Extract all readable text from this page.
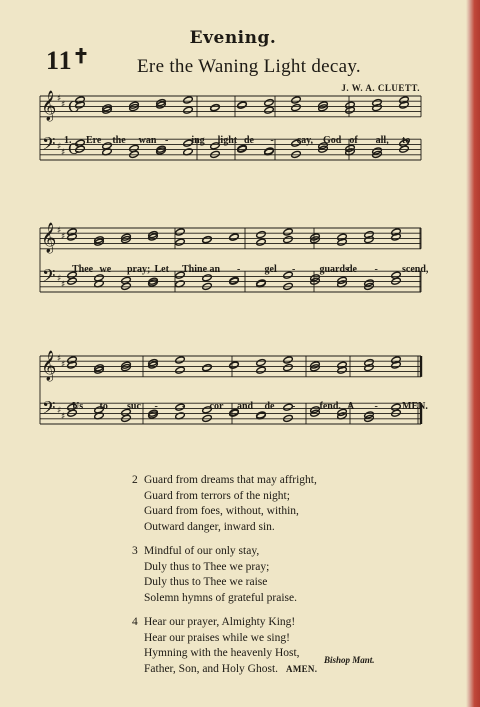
Evening.
11✝	Ere the Waning Light decay.
J. W. A. CLUETT.
𝄞
𝄢
♯
♯
♯
♯
C
C
𝄞
𝄢
♯
♯
♯
♯
𝄞
𝄢
♯
♯
♯
♯
1. Ere the wan - ing light de - cay, God of all, to
Thee we pray; Let Thine an - gel - guards
de - scend,
Us to suc - - cor and de - fend. A - MEN.
2 Guard from dreams that may affright,
Guard from terrors of the night;
Guard from foes, without, within,
Outward danger, inward sin.
3 Mindful of our only stay,
Duly thus to Thee we pray;
Duly thus to Thee we raise
Solemn hymns of grateful praise.
4 Hear our prayer, Almighty King!
Hear our praises while we sing!
Hymning with the heavenly Host,
Father, Son, and Holy Ghost. AMEN.
Bishop Mant.
